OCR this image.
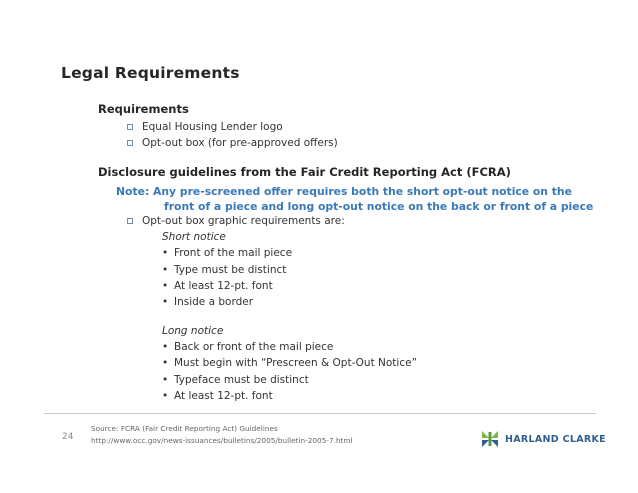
Legal Requirements
Requirements
Equal Housing Lender logo
Opt-out box (for pre-approved offers)
Disclosure guidelines from the Fair Credit Reporting Act (FCRA)
Note: Any pre-screened offer requires both the short opt-out notice on the
front of a piece and long opt-out notice on the back or front of a piece
Opt-out box graphic requirements are:
Short notice
• Front of the mail piece
• Type must be distinct
• At least 12-pt. font
• Inside a border
Long notice
• Back or front of the mail piece
• Must begin with “Prescreen & Opt-Out Notice”
• Typeface must be distinct
• At least 12-pt. font
24
Source: FCRA (Fair Credit Reporting Act) Guidelines
http://www.occ.gov/news-issuances/bulletins/2005/bulletin-2005-7.html	HARLAND CLARKE
